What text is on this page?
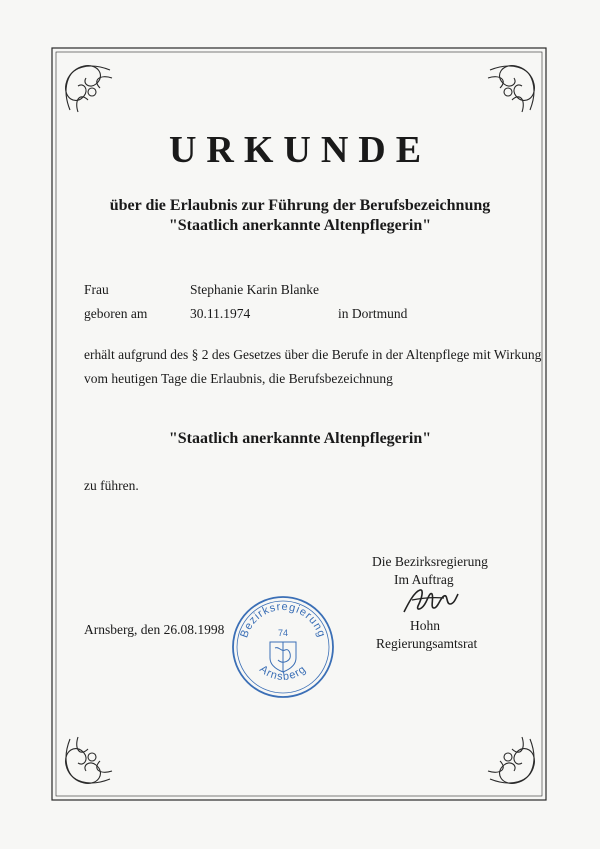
URKUNDE
über die Erlaubnis zur Führung der Berufsbezeichnung
"Staatlich anerkannte Altenpflegerin"
Frau	Stephanie Karin Blanke
geboren am	30.11.1974	in Dortmund
erhält aufgrund des § 2 des Gesetzes über die Berufe in der Altenpflege mit Wirkung vom heutigen Tage die Erlaubnis, die Berufsbezeichnung
"Staatlich anerkannte Altenpflegerin"
zu führen.
Die Bezirksregierung
Im Auftrag
Arnsberg, den 26.08.1998	Hohn
Regierungsamtsrat
Bezirksregierung
74
Arnsberg
